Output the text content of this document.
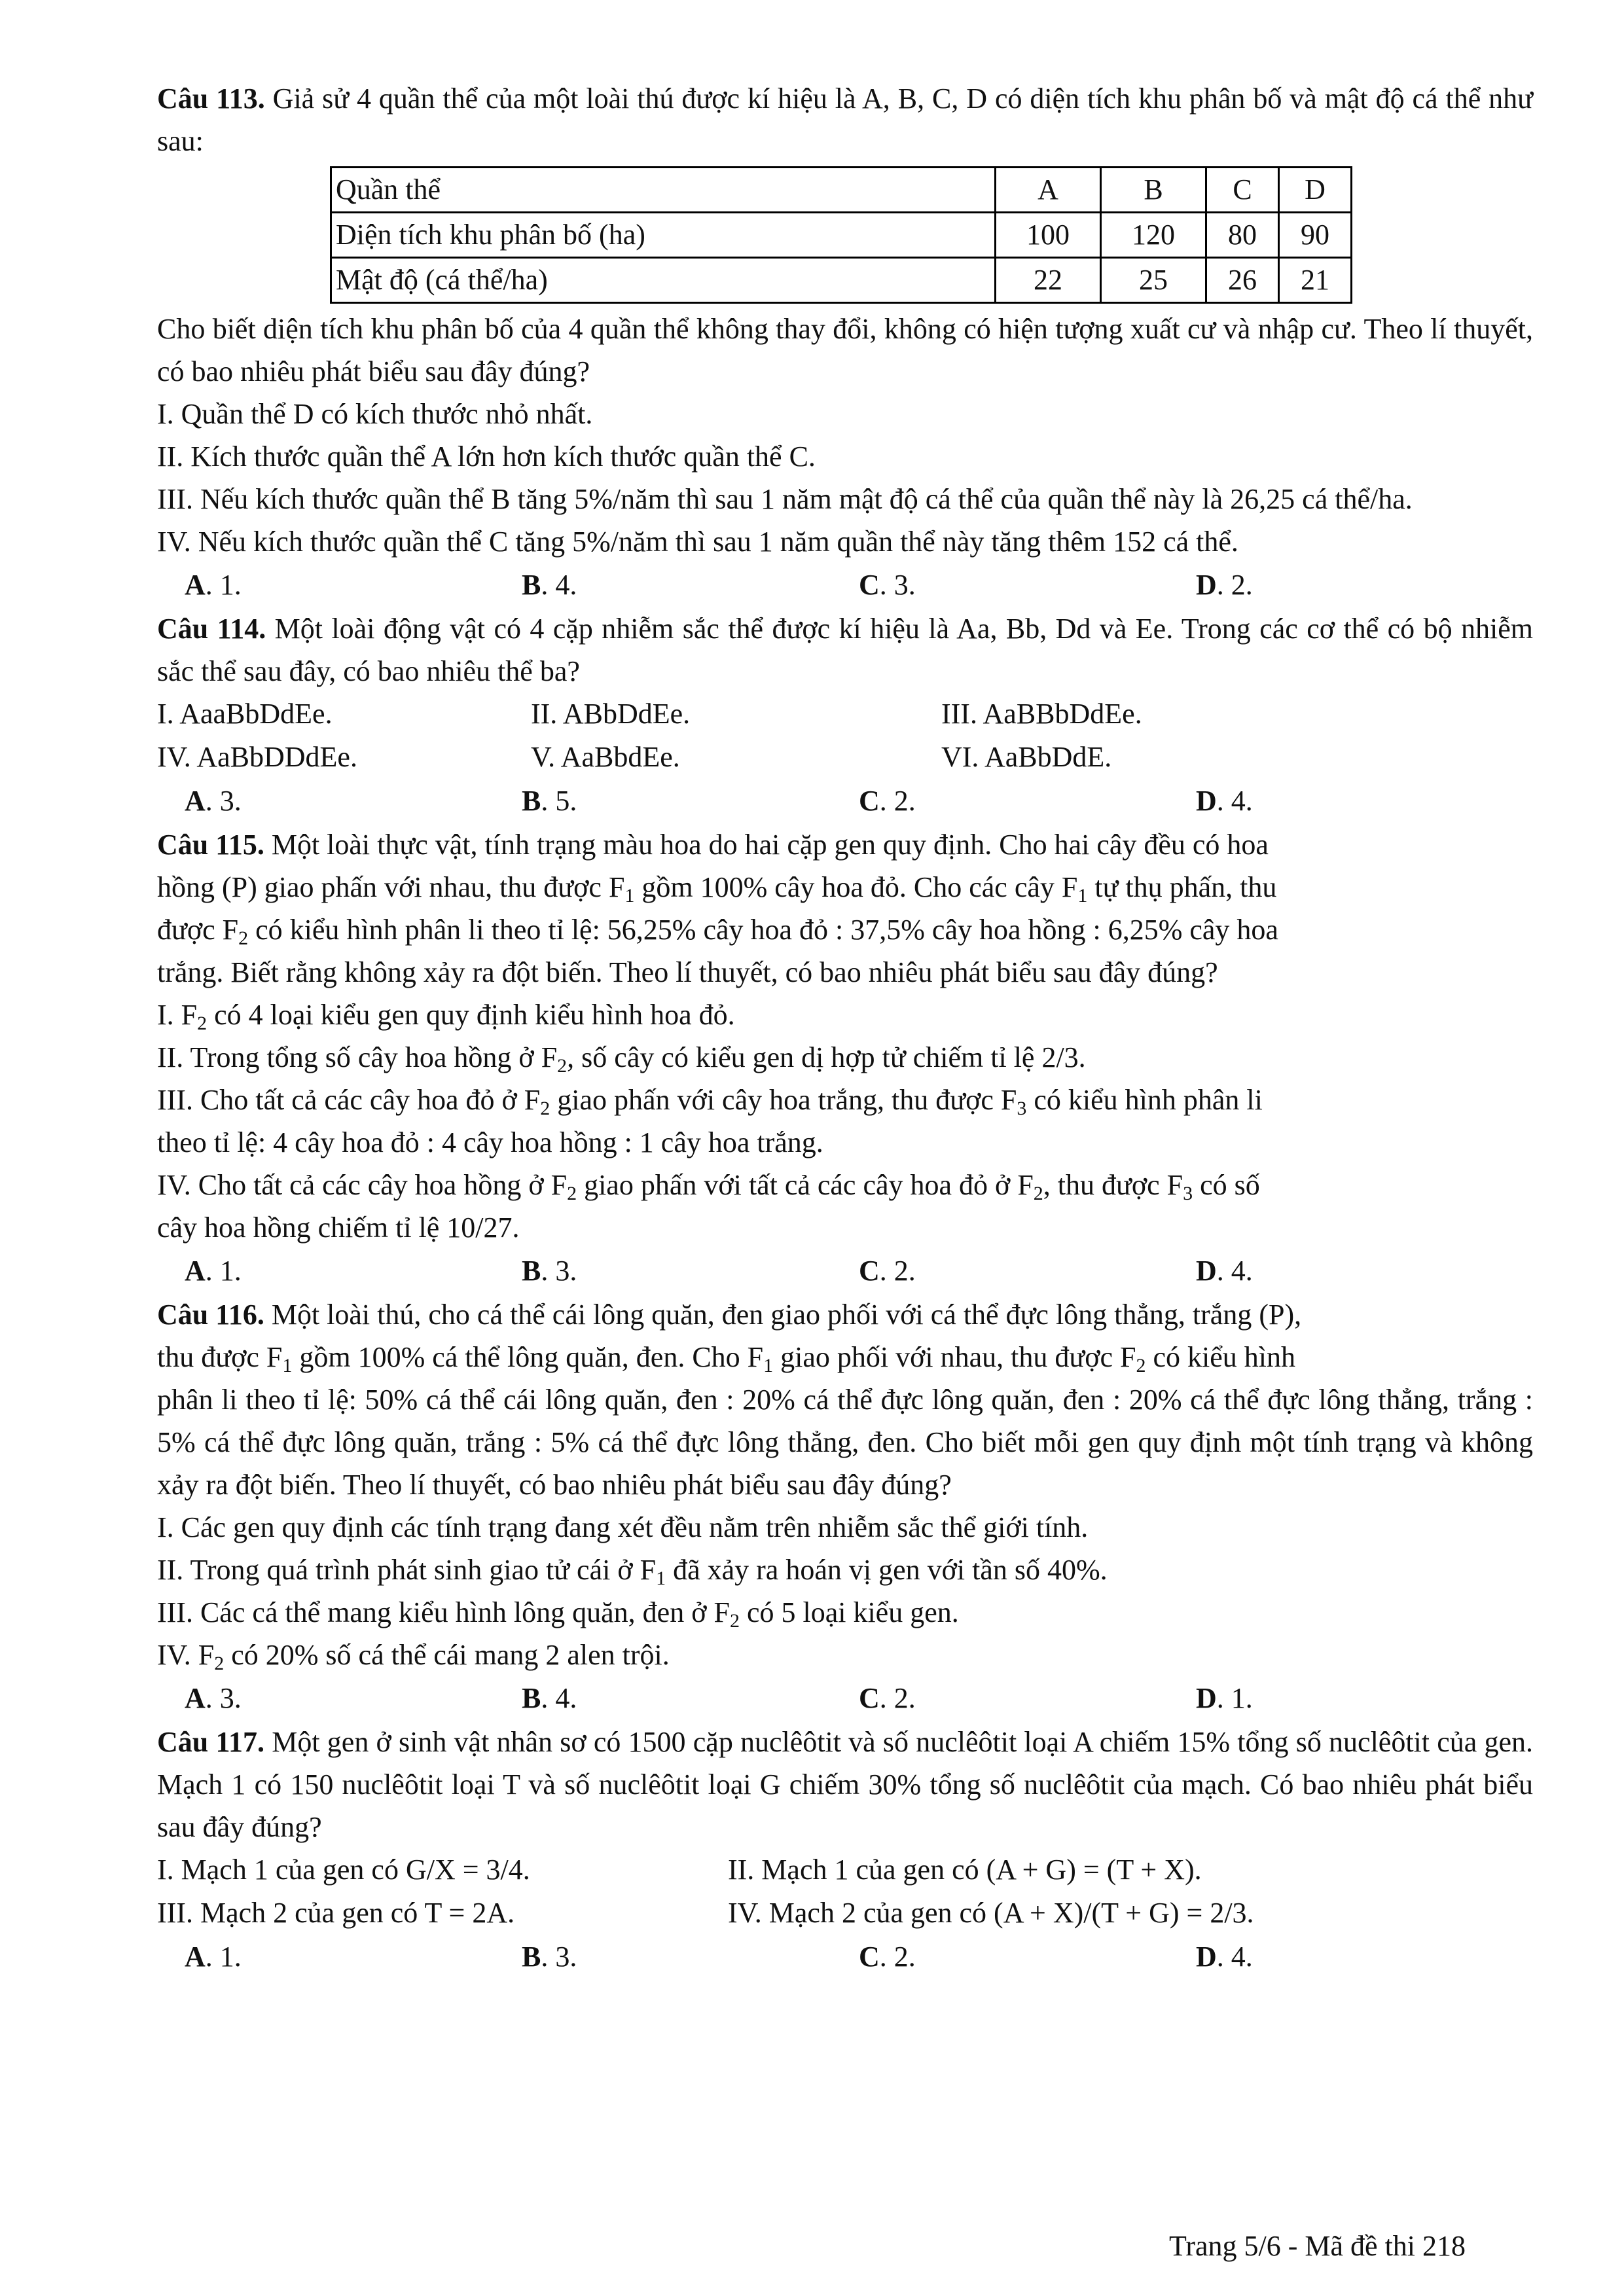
Câu 113. Giả sử 4 quần thể của một loài thú được kí hiệu là A, B, C, D có diện tích khu phân bố và mật độ cá thể như sau:

Quần thể	A	B	C	D
Diện tích khu phân bố (ha)	100	120	80	90
Mật độ (cá thể/ha)	22	25	26	21

Cho biết diện tích khu phân bố của 4 quần thể không thay đổi, không có hiện tượng xuất cư và nhập cư. Theo lí thuyết, có bao nhiêu phát biểu sau đây đúng?

I. Quần thể D có kích thước nhỏ nhất.

II. Kích thước quần thể A lớn hơn kích thước quần thể C.

III. Nếu kích thước quần thể B tăng 5%/năm thì sau 1 năm mật độ cá thể của quần thể này là 26,25 cá thể/ha.

IV. Nếu kích thước quần thể C tăng 5%/năm thì sau 1 năm quần thể này tăng thêm 152 cá thể.

A. 1.	B. 4.	C. 3.	D. 2.

Câu 114. Một loài động vật có 4 cặp nhiễm sắc thể được kí hiệu là Aa, Bb, Dd và Ee. Trong các cơ thể có bộ nhiễm sắc thể sau đây, có bao nhiêu thể ba?

I. AaaBbDdEe.	II. ABbDdEe.	III. AaBBbDdEe.
IV. AaBbDDdEe.	V. AaBbdEe.	VI. AaBbDdE.
A. 3.	B. 5.	C. 2.	D. 4.

Câu 115. Một loài thực vật, tính trạng màu hoa do hai cặp gen quy định. Cho hai cây đều có hoa

hồng (P) giao phấn với nhau, thu được $F_1$ gồm 100% cây hoa đỏ. Cho các cây $F_1$ tự thụ phấn, thu

được $F_2$ có kiểu hình phân li theo tỉ lệ: 56,25% cây hoa đỏ : 37,5% cây hoa hồng : 6,25% cây hoa

trắng. Biết rằng không xảy ra đột biến. Theo lí thuyết, có bao nhiêu phát biểu sau đây đúng?

I. $F_2$ có 4 loại kiểu gen quy định kiểu hình hoa đỏ.

II. Trong tổng số cây hoa hồng ở $F_2$, số cây có kiểu gen dị hợp tử chiếm tỉ lệ 2/3.

III. Cho tất cả các cây hoa đỏ ở $F_2$ giao phấn với cây hoa trắng, thu được $F_3$ có kiểu hình phân li

theo tỉ lệ: 4 cây hoa đỏ : 4 cây hoa hồng : 1 cây hoa trắng.

IV. Cho tất cả các cây hoa hồng ở $F_2$ giao phấn với tất cả các cây hoa đỏ ở $F_2$, thu được $F_3$ có số

cây hoa hồng chiếm tỉ lệ 10/27.

A. 1.	B. 3.	C. 2.	D. 4.

Câu 116. Một loài thú, cho cá thể cái lông quăn, đen giao phối với cá thể đực lông thẳng, trắng (P),

thu được $F_1$ gồm 100% cá thể lông quăn, đen. Cho $F_1$ giao phối với nhau, thu được $F_2$ có kiểu hình

phân li theo tỉ lệ: 50% cá thể cái lông quăn, đen : 20% cá thể đực lông quăn, đen : 20% cá thể đực lông thẳng, trắng : 5% cá thể đực lông quăn, trắng : 5% cá thể đực lông thẳng, đen. Cho biết mỗi gen quy định một tính trạng và không xảy ra đột biến. Theo lí thuyết, có bao nhiêu phát biểu sau đây đúng?

I. Các gen quy định các tính trạng đang xét đều nằm trên nhiễm sắc thể giới tính.

II. Trong quá trình phát sinh giao tử cái ở $F_1$ đã xảy ra hoán vị gen với tần số 40%.

III. Các cá thể mang kiểu hình lông quăn, đen ở $F_2$ có 5 loại kiểu gen.

IV. $F_2$ có 20% số cá thể cái mang 2 alen trội.

A. 3.	B. 4.	C. 2.	D. 1.

Câu 117. Một gen ở sinh vật nhân sơ có 1500 cặp nuclêôtit và số nuclêôtit loại A chiếm 15% tổng số nuclêôtit của gen. Mạch 1 có 150 nuclêôtit loại T và số nuclêôtit loại G chiếm 30% tổng số nuclêôtit của mạch. Có bao nhiêu phát biểu sau đây đúng?

I. Mạch 1 của gen có G/X = 3/4.	II. Mạch 1 của gen có (A + G) = (T + X).
III. Mạch 2 của gen có T = 2A.	IV. Mạch 2 của gen có (A + X)/(T + G) = 2/3.
A. 1.	B. 3.	C. 2.	D. 4.
Trang 5/6 - Mã đề thi 218
